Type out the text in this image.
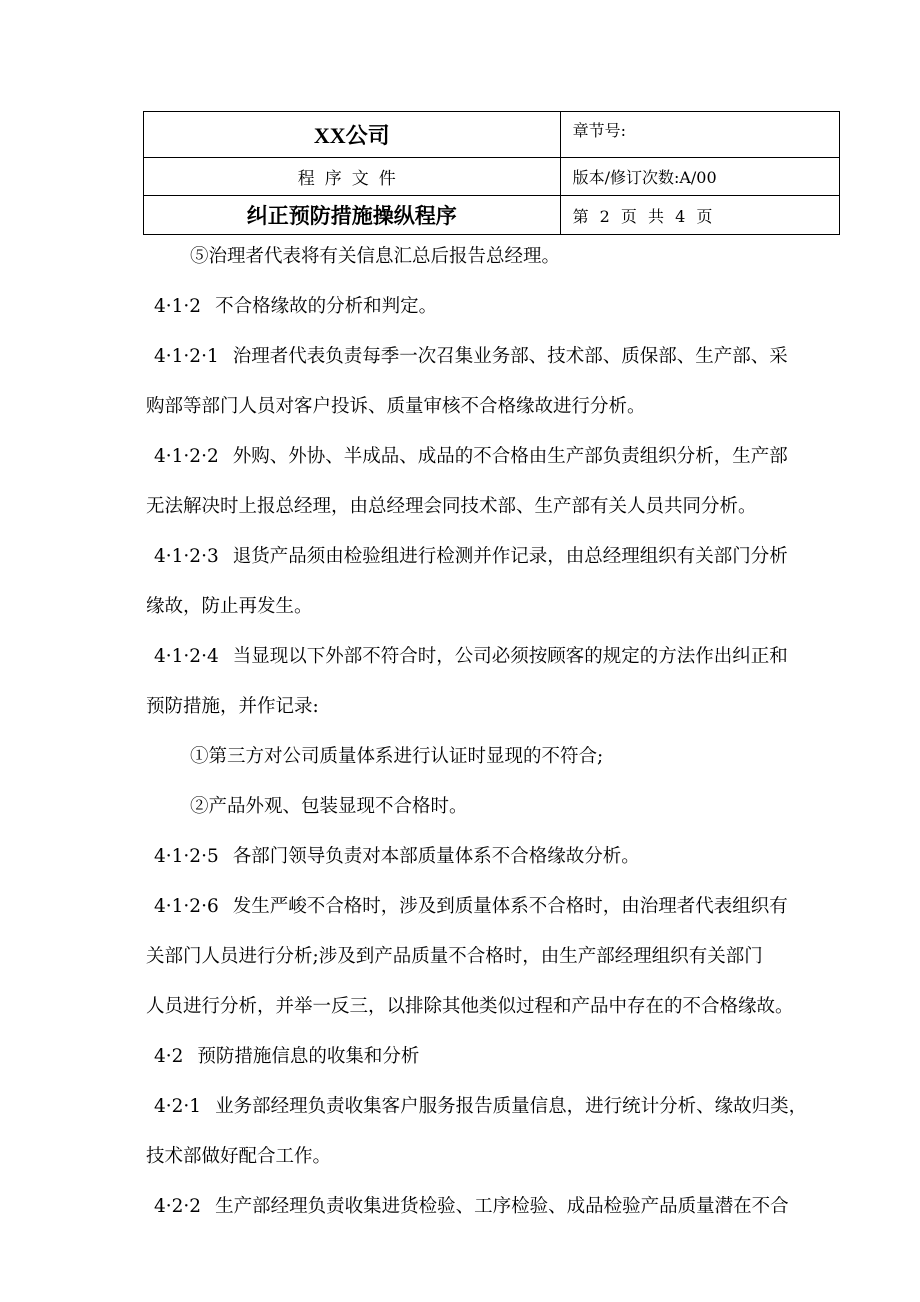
XX公司	章节号:
程序文件	版本/修订次数:A/00
纠正预防措施操纵程序	第 2 页 共 4 页
⑤治理者代表将有关信息汇总后报告总经理。
4·1·2 不合格缘故的分析和判定。
4·1·2·1 治理者代表负责每季一次召集业务部、技术部、质保部、生产部、采
购部等部门人员对客户投诉、质量审核不合格缘故进行分析。
4·1·2·2 外购、外协、半成品、成品的不合格由生产部负责组织分析，生产部
无法解决时上报总经理，由总经理会同技术部、生产部有关人员共同分析。
4·1·2·3 退货产品须由检验组进行检测并作记录，由总经理组织有关部门分析
缘故，防止再发生。
4·1·2·4 当显现以下外部不符合时，公司必须按顾客的规定的方法作出纠正和
预防措施，并作记录:
①第三方对公司质量体系进行认证时显现的不符合;
②产品外观、包装显现不合格时。
4·1·2·5 各部门领导负责对本部质量体系不合格缘故分析。
4·1·2·6 发生严峻不合格时，涉及到质量体系不合格时，由治理者代表组织有
关部门人员进行分析;涉及到产品质量不合格时，由生产部经理组织有关部门
人员进行分析，并举一反三，以排除其他类似过程和产品中存在的不合格缘故。
4·2 预防措施信息的收集和分析
4·2·1 业务部经理负责收集客户服务报告质量信息，进行统计分析、缘故归类，
技术部做好配合工作。
4·2·2 生产部经理负责收集进货检验、工序检验、成品检验产品质量潜在不合
